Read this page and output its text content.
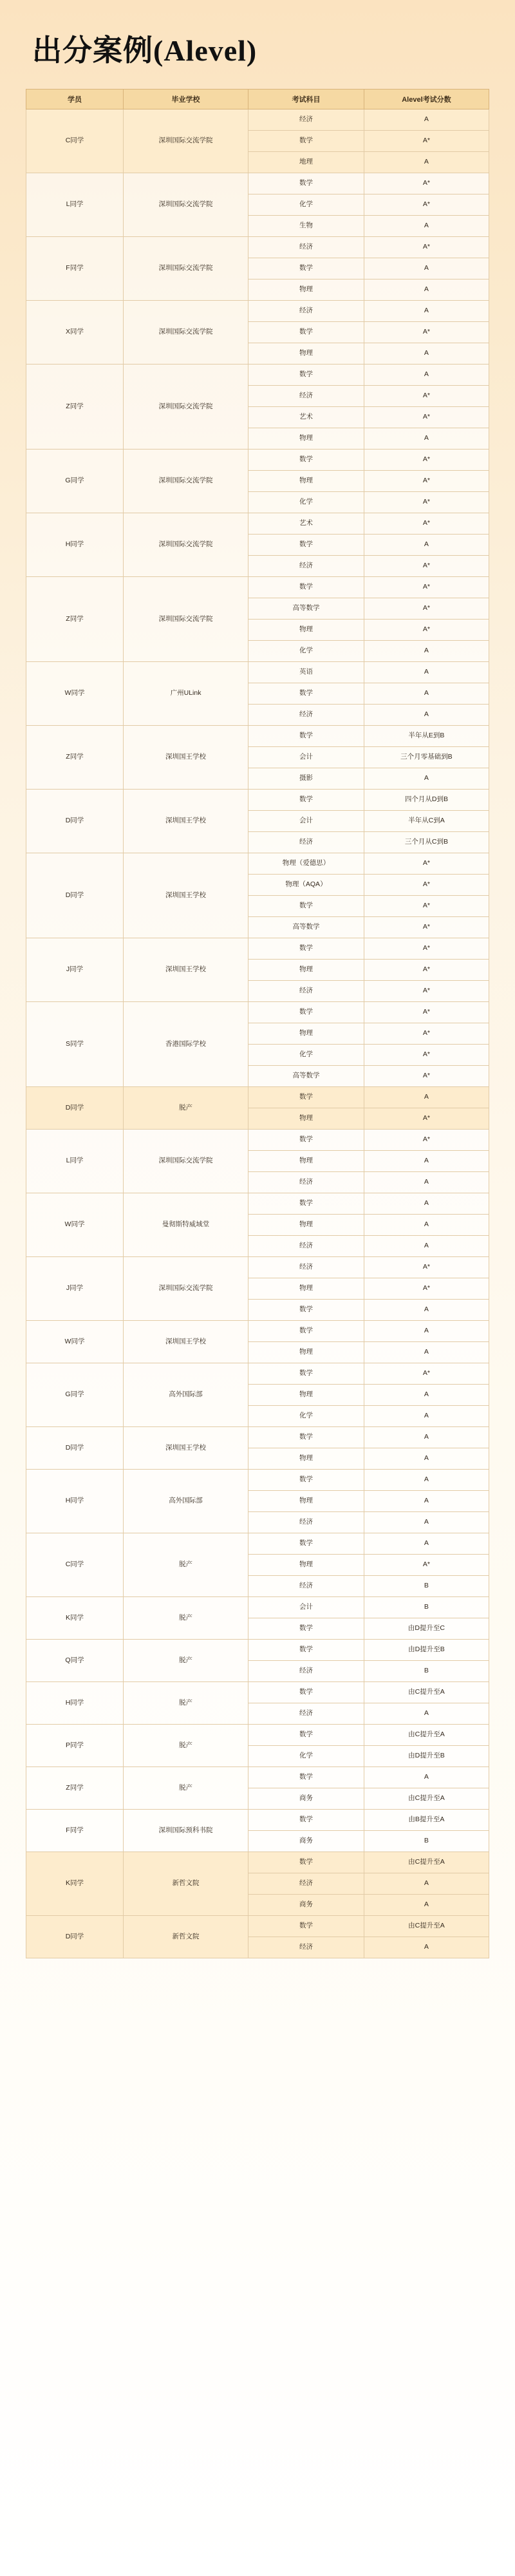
出分案例(Alevel)
学员	毕业学校	考试科目	Alevel考试分数
C同学	深圳国际交流学院	经济	A
		数学	A*
		地理	A
L同学	深圳国际交流学院	数学	A*
		化学	A*
		生物	A
F同学	深圳国际交流学院	经济	A*
		数学	A
		物理	A
X同学	深圳国际交流学院	经济	A
		数学	A*
		物理	A
Z同学	深圳国际交流学院	数学	A
		经济	A*
		艺术	A*
		物理	A
G同学	深圳国际交流学院	数学	A*
		物理	A*
		化学	A*
H同学	深圳国际交流学院	艺术	A*
		数学	A
		经济	A*
Z同学	深圳国际交流学院	数学	A*
		高等数学	A*
		物理	A*
		化学	A
W同学	广州ULink	英语	A
		数学	A
		经济	A
Z同学	深圳国王学校	数学	半年从E到B
		会计	三个月零基础到B
		摄影	A
D同学	深圳国王学校	数学	四个月从D到B
		会计	半年从C到A
		经济	三个月从C到B
D同学	深圳国王学校	物理（爱德思）	A*
		物理（AQA）	A*
		数学	A*
		高等数学	A*
J同学	深圳国王学校	数学	A*
		物理	A*
		经济	A*
S同学	香港国际学校	数学	A*
		物理	A*
		化学	A*
		高等数学	A*
D同学	脱产	数学	A
		物理	A*
L同学	深圳国际交流学院	数学	A*
		物理	A
		经济	A
W同学	曼彻斯特威域堂	数学	A
		物理	A
		经济	A
J同学	深圳国际交流学院	经济	A*
		物理	A*
		数学	A
W同学	深圳国王学校	数学	A
		物理	A
G同学	高外国际部	数学	A*
		物理	A
		化学	A
D同学	深圳国王学校	数学	A
		物理	A
H同学	高外国际部	数学	A
		物理	A
		经济	A
C同学	脱产	数学	A
		物理	A*
		经济	B
K同学	脱产	会计	B
		数学	由D提升至C
Q同学	脱产	数学	由D提升至B
		经济	B
H同学	脱产	数学	由C提升至A
		经济	A
P同学	脱产	数学	由C提升至A
		化学	由D提升至B
Z同学	脱产	数学	A
		商务	由C提升至A
F同学	深圳国际预科书院	数学	由B提升至A
		商务	B
K同学	新哲文院	数学	由C提升至A
		经济	A
		商务	A
D同学	新哲文院	数学	由C提升至A
		经济	A
